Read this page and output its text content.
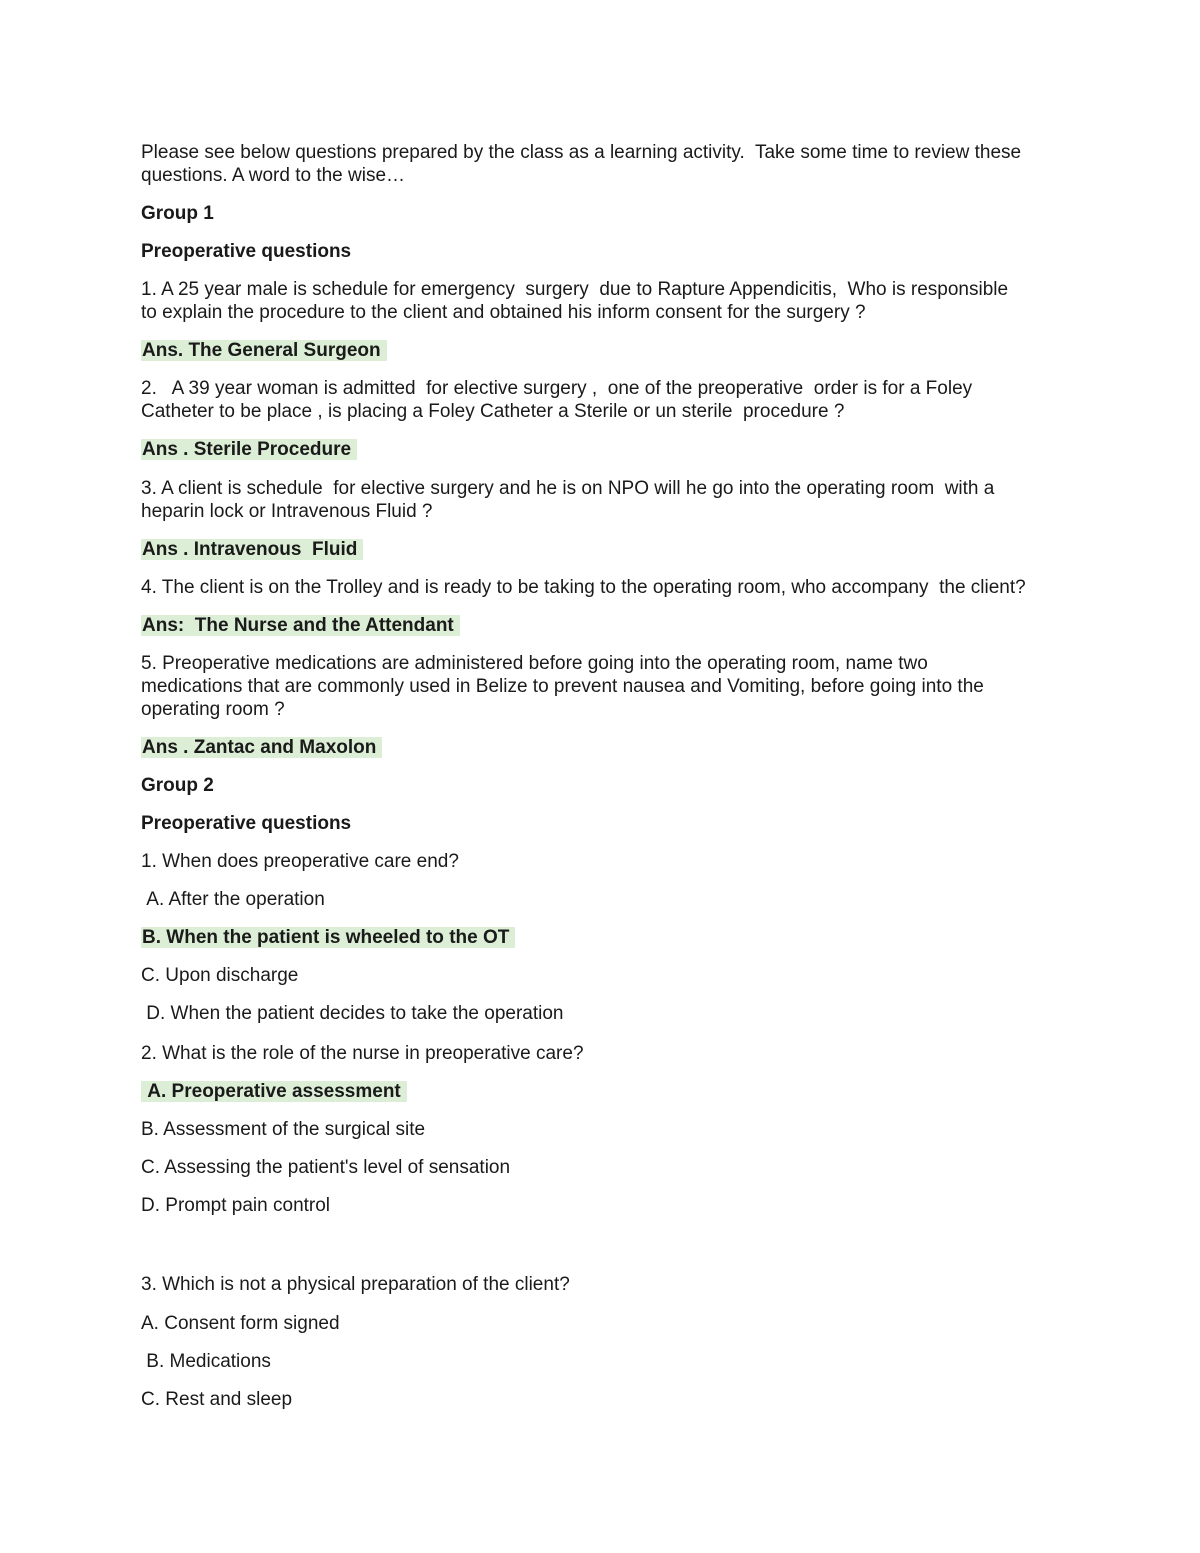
Please see below questions prepared by the class as a learning activity.  Take some time to review these
questions. A word to the wise…
Group 1
Preoperative questions
1. A 25 year male is schedule for emergency  surgery  due to Rapture Appendicitis,  Who is responsible
to explain the procedure to the client and obtained his inform consent for the surgery ?
Ans. The General Surgeon
2.   A 39 year woman is admitted  for elective surgery ,  one of the preoperative  order is for a Foley
Catheter to be place , is placing a Foley Catheter a Sterile or un sterile  procedure ?
Ans . Sterile Procedure
3. A client is schedule  for elective surgery and he is on NPO will he go into the operating room  with a
heparin lock or Intravenous Fluid ?
Ans . Intravenous  Fluid
4. The client is on the Trolley and is ready to be taking to the operating room, who accompany  the client?
Ans:  The Nurse and the Attendant
5. Preoperative medications are administered before going into the operating room, name two
medications that are commonly used in Belize to prevent nausea and Vomiting, before going into the
operating room ?
Ans . Zantac and Maxolon
Group 2
Preoperative questions
1. When does preoperative care end?
A. After the operation
B. When the patient is wheeled to the OT
C. Upon discharge
D. When the patient decides to take the operation
2. What is the role of the nurse in preoperative care?
A. Preoperative assessment
B. Assessment of the surgical site
C. Assessing the patient's level of sensation
D. Prompt pain control
3. Which is not a physical preparation of the client?
A. Consent form signed
B. Medications
C. Rest and sleep
